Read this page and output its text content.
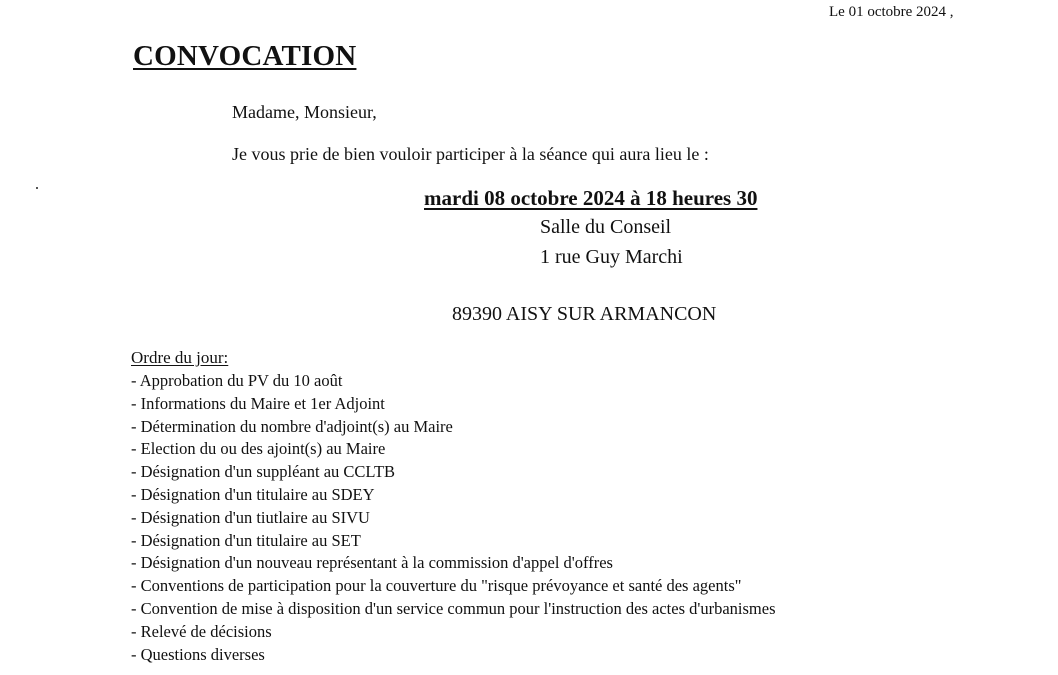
Le 01 octobre 2024 ,
CONVOCATION
Madame, Monsieur,
Je vous prie de bien vouloir participer à la séance qui aura lieu le :
mardi 08 octobre 2024 à 18 heures 30
Salle du Conseil
1 rue Guy Marchi
89390 AISY SUR ARMANCON
Ordre du jour:
- Approbation du PV du 10 août
- Informations du Maire et 1er Adjoint
- Détermination du nombre d'adjoint(s) au Maire
- Election du ou des ajoint(s) au Maire
- Désignation d'un suppléant au CCLTB
- Désignation d'un titulaire au SDEY
- Désignation d'un tiutlaire au SIVU
- Désignation d'un titulaire au SET
- Désignation d'un nouveau représentant à la commission d'appel d'offres
- Conventions de participation pour la couverture du "risque prévoyance et santé des agents"
- Convention de mise à disposition d'un service commun pour l'instruction des actes d'urbanismes
- Relevé de décisions
- Questions diverses
